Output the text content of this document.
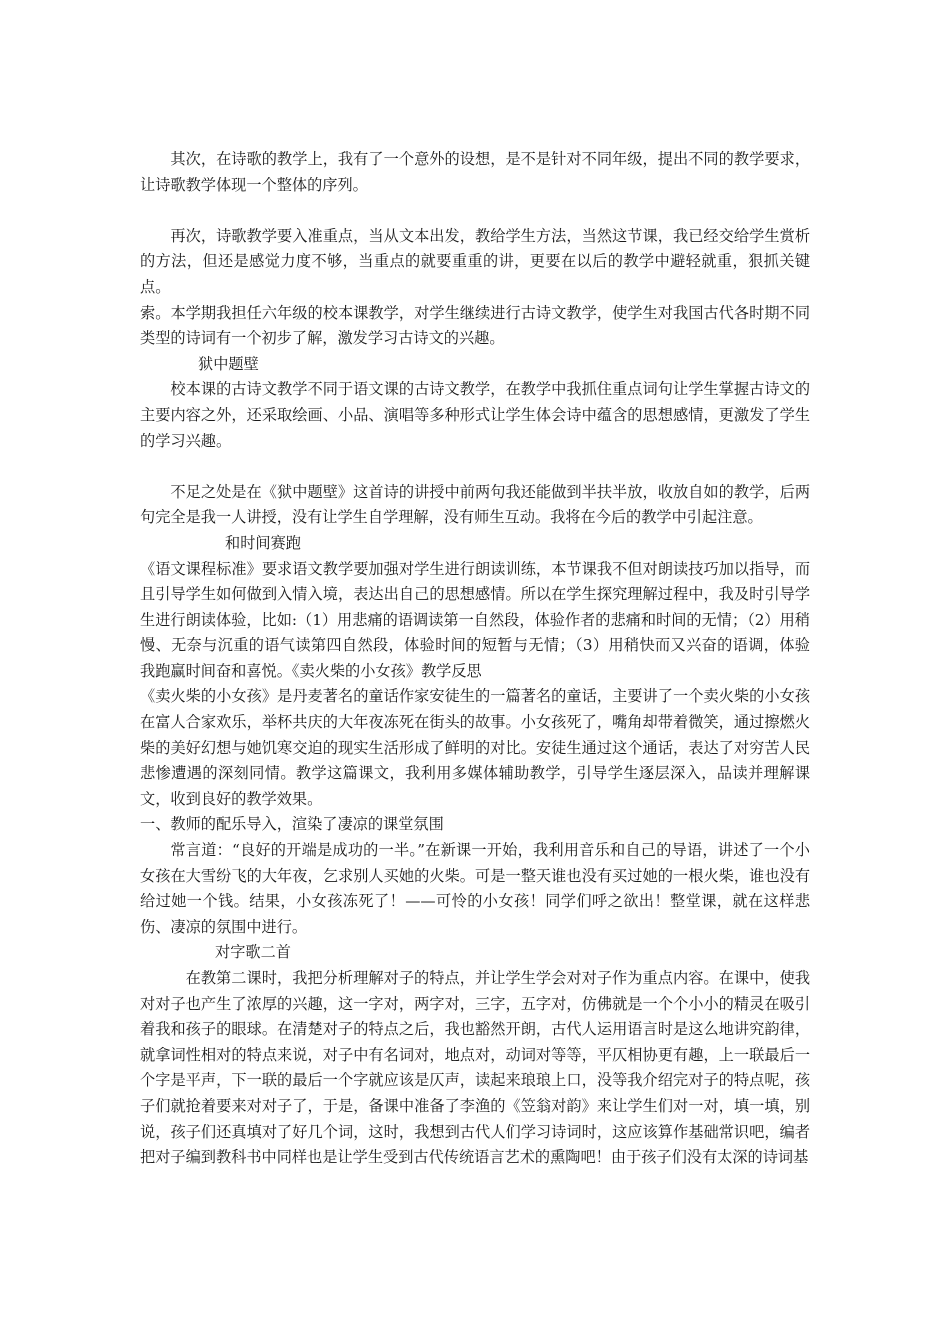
其次，在诗歌的教学上，我有了一个意外的设想，是不是针对不同年级，提出不同的教学要求，让诗歌教学体现一个整体的序列。

再次，诗歌教学要入准重点，当从文本出发，教给学生方法，当然这节课，我已经交给学生赏析的方法，但还是感觉力度不够，当重点的就要重重的讲，更要在以后的教学中避轻就重，狠抓关键点。

索。本学期我担任六年级的校本课教学，对学生继续进行古诗文教学，使学生对我国古代各时期不同类型的诗词有一个初步了解，激发学习古诗文的兴趣。

狱中题壁

校本课的古诗文教学不同于语文课的古诗文教学，在教学中我抓住重点词句让学生掌握古诗文的主要内容之外，还采取绘画、小品、演唱等多种形式让学生体会诗中蕴含的思想感情，更激发了学生的学习兴趣。

不足之处是在《狱中题壁》这首诗的讲授中前两句我还能做到半扶半放，收放自如的教学，后两句完全是我一人讲授，没有让学生自学理解，没有师生互动。我将在今后的教学中引起注意。

和时间赛跑

《语文课程标准》要求语文教学要加强对学生进行朗读训练，本节课我不但对朗读技巧加以指导，而且引导学生如何做到入情入境，表达出自己的思想感情。所以在学生探究理解过程中，我及时引导学生进行朗读体验，比如:（1）用悲痛的语调读第一自然段，体验作者的悲痛和时间的无情；（2）用稍慢、无奈与沉重的语气读第四自然段，体验时间的短暂与无情；（3）用稍快而又兴奋的语调，体验我跑赢时间奋和喜悦。《卖火柴的小女孩》教学反思

《卖火柴的小女孩》是丹麦著名的童话作家安徒生的一篇著名的童话，主要讲了一个卖火柴的小女孩在富人合家欢乐，举杯共庆的大年夜冻死在街头的故事。小女孩死了，嘴角却带着微笑，通过擦燃火柴的美好幻想与她饥寒交迫的现实生活形成了鲜明的对比。安徒生通过这个通话，表达了对穷苦人民悲惨遭遇的深刻同情。教学这篇课文，我利用多媒体辅助教学，引导学生逐层深入，品读并理解课文，收到良好的教学效果。

一、教师的配乐导入，渲染了凄凉的课堂氛围

常言道：“良好的开端是成功的一半。”在新课一开始，我利用音乐和自己的导语，讲述了一个小女孩在大雪纷飞的大年夜，乞求别人买她的火柴。可是一整天谁也没有买过她的一根火柴，谁也没有给过她一个钱。结果，小女孩冻死了！——可怜的小女孩！同学们呼之欲出！整堂课，就在这样悲伤、凄凉的氛围中进行。

对字歌二首

在教第二课时，我把分析理解对子的特点，并让学生学会对对子作为重点内容。在课中，使我对对子也产生了浓厚的兴趣，这一字对，两字对，三字，五字对，仿佛就是一个个小小的精灵在吸引着我和孩子的眼球。在清楚对子的特点之后，我也豁然开朗，古代人运用语言时是这么地讲究韵律，就拿词性相对的特点来说，对子中有名词对，地点对，动词对等等，平仄相协更有趣，上一联最后一个字是平声，下一联的最后一个字就应该是仄声，读起来琅琅上口，没等我介绍完对子的特点呢，孩子们就抢着要来对对子了，于是，备课中准备了李渔的《笠翁对韵》来让学生们对一对，填一填，别说，孩子们还真填对了好几个词，这时，我想到古代人们学习诗词时，这应该算作基础常识吧，编者把对子编到教科书中同样也是让学生受到古代传统语言艺术的熏陶吧！由于孩子们没有太深的诗词基
